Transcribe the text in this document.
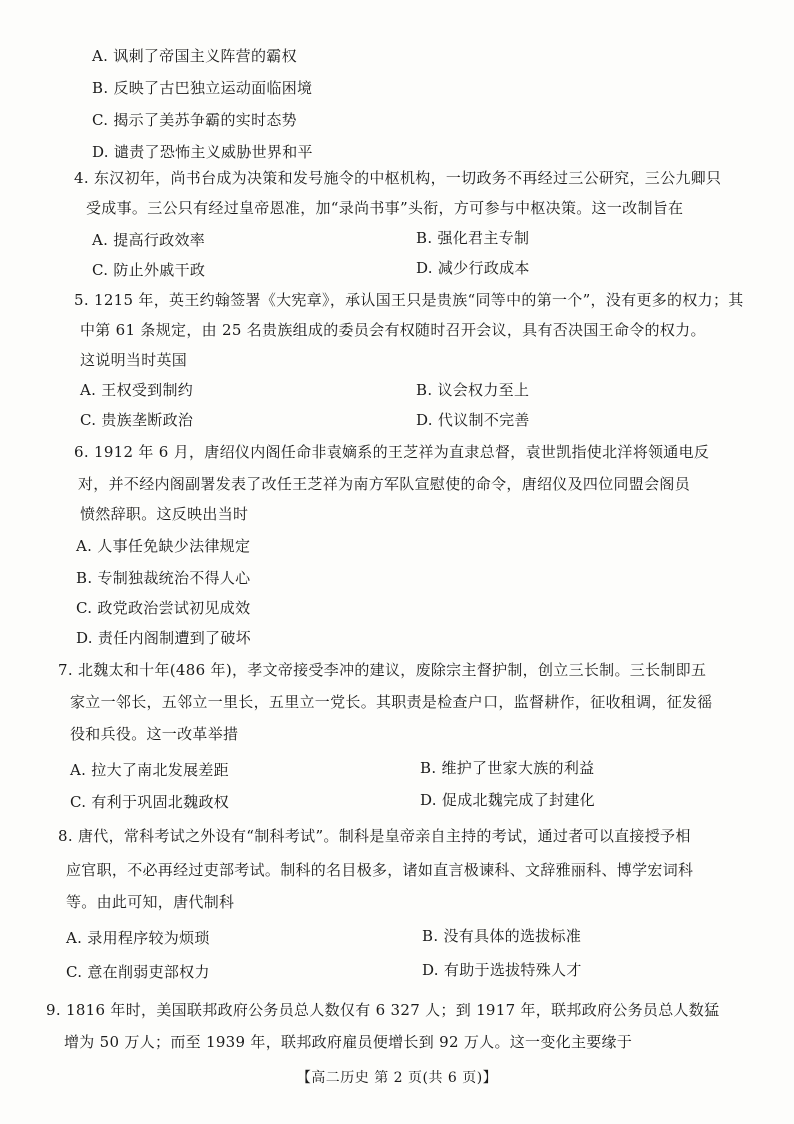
A. 讽刺了帝国主义阵营的霸权
B. 反映了古巴独立运动面临困境
C. 揭示了美苏争霸的实时态势
D. 谴责了恐怖主义威胁世界和平
4. 东汉初年，尚书台成为决策和发号施令的中枢机构，一切政务不再经过三公研究，三公九卿只
受成事。三公只有经过皇帝恩准，加“录尚书事”头衔，方可参与中枢决策。这一改制旨在
A. 提高行政效率	B. 强化君主专制
C. 防止外戚干政	D. 减少行政成本
5. 1215 年，英王约翰签署《大宪章》，承认国王只是贵族“同等中的第一个”，没有更多的权力；其
中第 61 条规定，由 25 名贵族组成的委员会有权随时召开会议，具有否决国王命令的权力。
这说明当时英国
A. 王权受到制约	B. 议会权力至上
C. 贵族垄断政治	D. 代议制不完善
6. 1912 年 6 月，唐绍仪内阁任命非袁嫡系的王芝祥为直隶总督，袁世凯指使北洋将领通电反
对，并不经内阁副署发表了改任王芝祥为南方军队宣慰使的命令，唐绍仪及四位同盟会阁员
愤然辞职。这反映出当时
A. 人事任免缺少法律规定
B. 专制独裁统治不得人心
C. 政党政治尝试初见成效
D. 责任内阁制遭到了破坏
7. 北魏太和十年(486 年)，孝文帝接受李冲的建议，废除宗主督护制，创立三长制。三长制即五
家立一邻长，五邻立一里长，五里立一党长。其职责是检查户口，监督耕作，征收租调，征发徭
役和兵役。这一改革举措
A. 拉大了南北发展差距	B. 维护了世家大族的利益
C. 有利于巩固北魏政权	D. 促成北魏完成了封建化
8. 唐代，常科考试之外设有“制科考试”。制科是皇帝亲自主持的考试，通过者可以直接授予相
应官职，不必再经过吏部考试。制科的名目极多，诸如直言极谏科、文辞雅丽科、博学宏词科
等。由此可知，唐代制科
A. 录用程序较为烦琐	B. 没有具体的选拔标准
C. 意在削弱吏部权力	D. 有助于选拔特殊人才
9. 1816 年时，美国联邦政府公务员总人数仅有 6 327 人；到 1917 年，联邦政府公务员总人数猛
增为 50 万人；而至 1939 年，联邦政府雇员便增长到 92 万人。这一变化主要缘于
【高二历史 第 2 页(共 6 页)】
